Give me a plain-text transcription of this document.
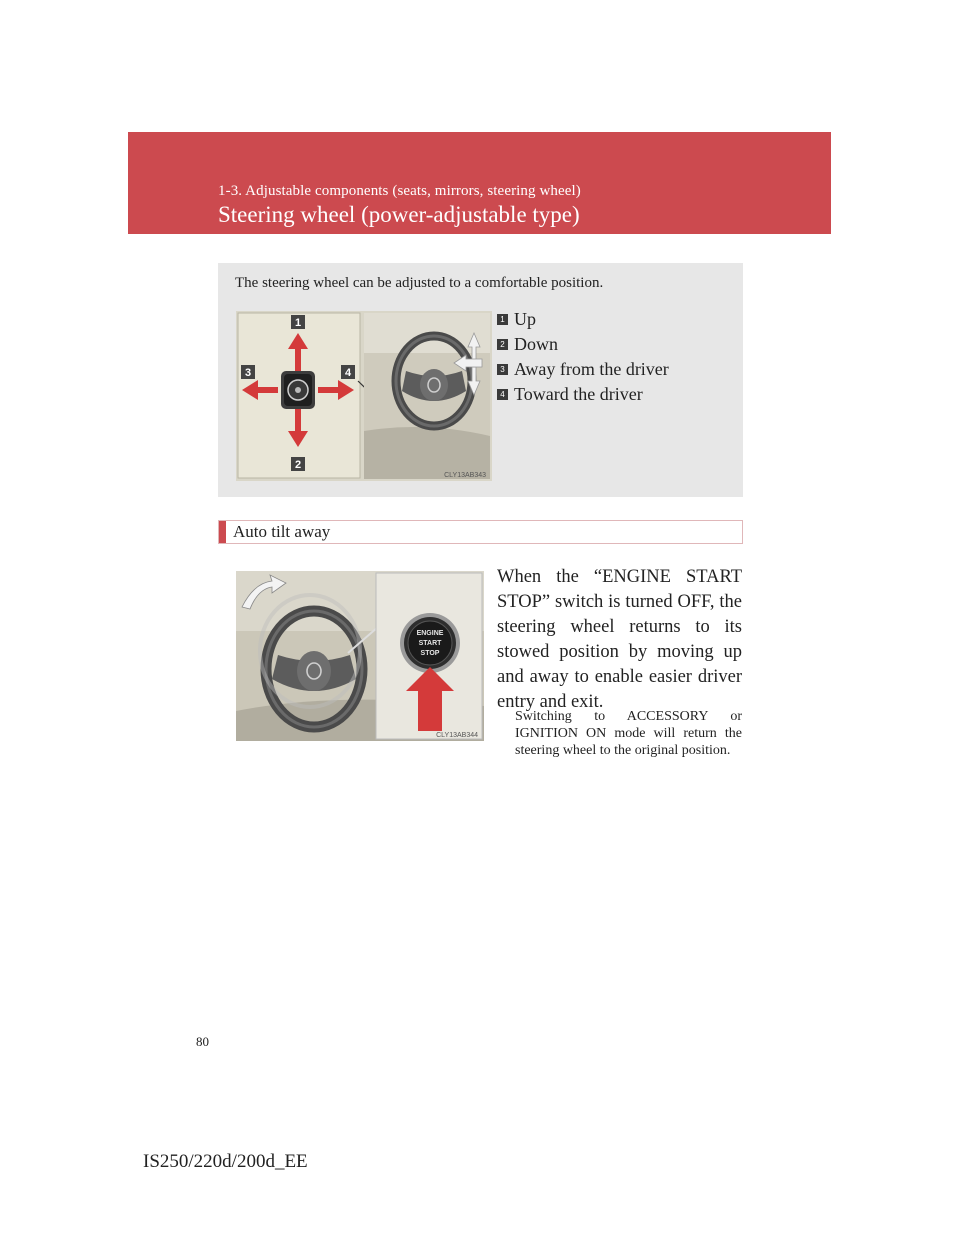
1-3. Adjustable components (seats, mirrors, steering wheel)
Steering wheel (power-adjustable type)
The steering wheel can be adjusted to a comfortable position.
1
2
3	4
CLY13AB343
1 Up
2 Down
3 Away from the driver
4 Toward the driver
Auto tilt away
ENGINE
START
STOP
CLY13AB344
When the “ENGINE START STOP” switch is turned OFF, the steering wheel returns to its stowed position by moving up and away to enable easier driver entry and exit.
Switching to ACCESSORY or IGNITION ON mode will return the steering wheel to the original position.
80
IS250/220d/200d_EE
